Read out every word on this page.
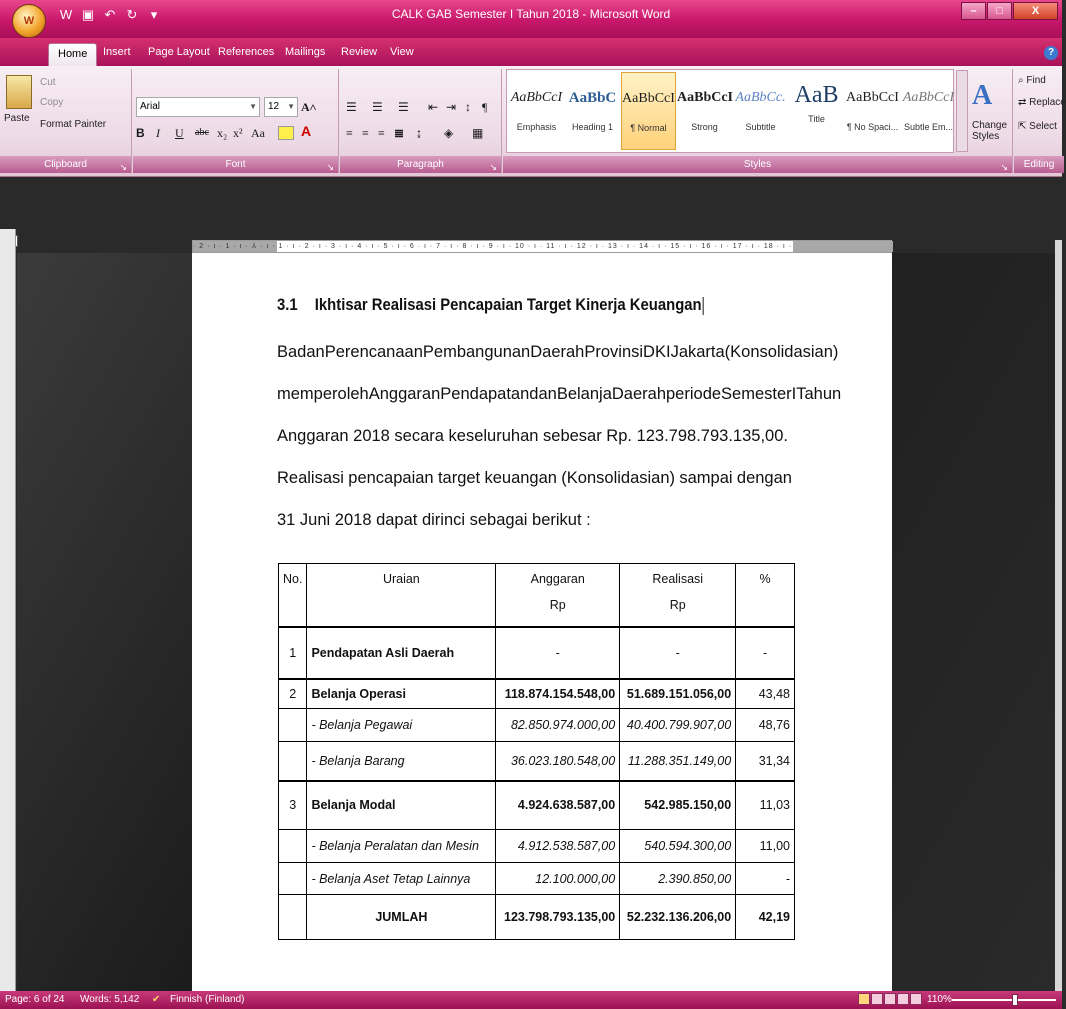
W	W ▣ ↶ ↻	▾	CALK GAB Semester I Tahun 2018 - Microsoft Word	–	□	X
Home	Insert Page Layout References Mailings Review View	?
Paste
Cut
Copy
Format Painter
Clipboard	↘
Arial	▼	12 ▼ A˄
B I U abc x₂ x² Aa	A
Font	↘
☰ ☰ ☰ ⇤ ⇥ ↕ ¶
≡ ≡ ≡ ≣ ↨ ◈ ▦
Paragraph	↘	Styles	↘
AaBbCcI
Emphasis
AaBbC
Heading 1
AaBbCcI
¶ Normal
AaBbCcI
Strong
AaBbCc.
Subtitle
AaB
Title
AaBbCcI
¶ No Spaci...
AaBbCcI
Subtle Em...
A
Change Styles
⌕ Find
⇄ Replace
⇱ Select
Editing
· 2 · ı · 1 · ı · ⅄ · ı · 1 · ı · 2 · ı · 3 · ı · 4 · ı · 5 · ı · 6 · ı · 7 · ı · 8 · ı · 9 · ı · 10 · ı · 11 · ı · 12 · ı · 13 · ı · 14 · ı · 15 · ı · 16 · ı · 17 · ı · 18 · ı ·
3.1 Ikhtisar Realisasi Pencapaian Target Kinerja Keuangan
Badan Perencanaan Pembangunan Daerah Provinsi DKI Jakarta (Konsolidasian)
memperoleh Anggaran Pendapatan dan Belanja Daerah periode Semester I Tahun
Anggaran 2018 secara keseluruhan sebesar Rp. 123.798.793.135,00.
Realisasi pencapaian target keuangan (Konsolidasian) sampai dengan
31 Juni 2018 dapat dirinci sebagai berikut :
No.	Uraian	Anggaran
Rp	Realisasi
Rp	%
1	Pendapatan Asli Daerah	-	-	-
2	Belanja Operasi	118.874.154.548,00	51.689.151.056,00	43,48
	- Belanja Pegawai	82.850.974.000,00	40.400.799.907,00	48,76
	- Belanja Barang	36.023.180.548,00	11.288.351.149,00	31,34
3	Belanja Modal	4.924.638.587,00	542.985.150,00	11,03
	- Belanja Peralatan dan Mesin	4.912.538.587,00	540.594.300,00	11,00
	- Belanja Aset Tetap Lainnya	12.100.000,00	2.390.850,00	-
	JUMLAH	123.798.793.135,00	52.232.136.206,00	42,19
Page: 6 of 24 Words: 5,142 ✔ Finnish (Finland)	110%
